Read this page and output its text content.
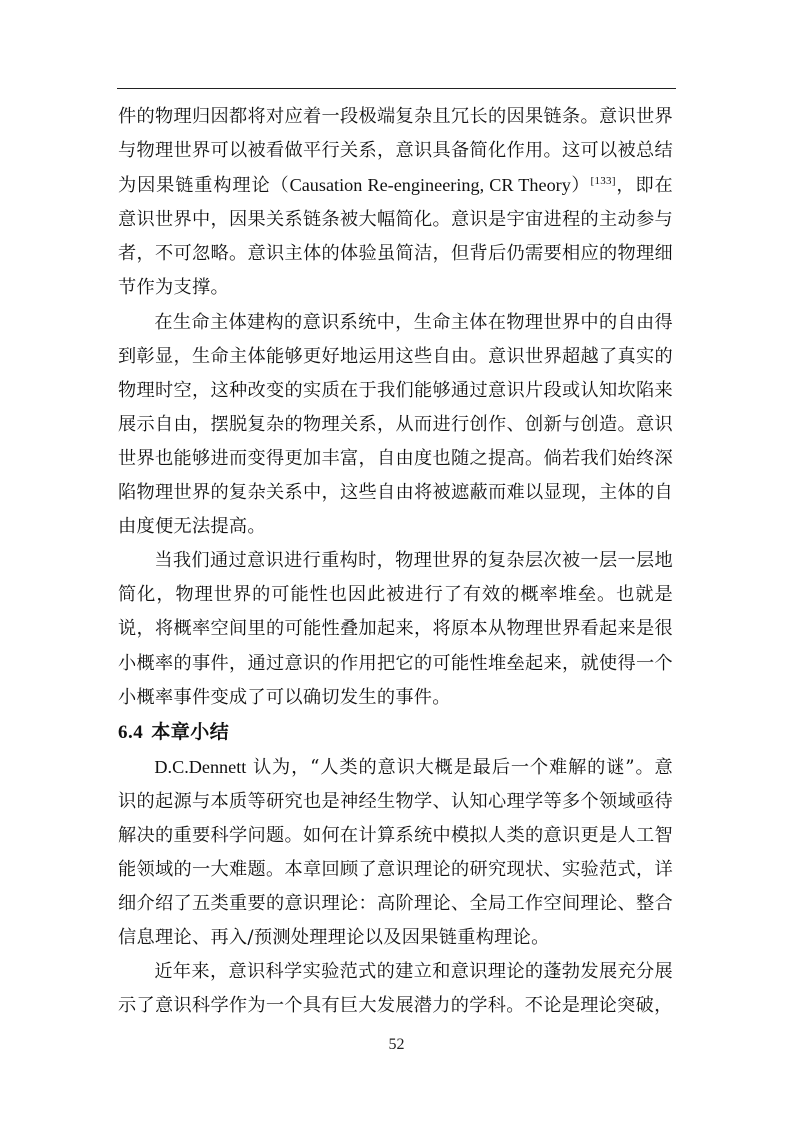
件的物理归因都将对应着一段极端复杂且冗长的因果链条。意识世界与物理世界可以被看做平行关系，意识具备简化作用。这可以被总结为因果链重构理论（Causation Re-engineering, CR Theory）[133]，即在意识世界中，因果关系链条被大幅简化。意识是宇宙进程的主动参与者，不可忽略。意识主体的体验虽简洁，但背后仍需要相应的物理细节作为支撑。

在生命主体建构的意识系统中，生命主体在物理世界中的自由得到彰显，生命主体能够更好地运用这些自由。意识世界超越了真实的物理时空，这种改变的实质在于我们能够通过意识片段或认知坎陷来展示自由，摆脱复杂的物理关系，从而进行创作、创新与创造。意识世界也能够进而变得更加丰富，自由度也随之提高。倘若我们始终深陷物理世界的复杂关系中，这些自由将被遮蔽而难以显现，主体的自由度便无法提高。

当我们通过意识进行重构时，物理世界的复杂层次被一层一层地简化，物理世界的可能性也因此被进行了有效的概率堆垒。也就是说，将概率空间里的可能性叠加起来，将原本从物理世界看起来是很小概率的事件，通过意识的作用把它的可能性堆垒起来，就使得一个小概率事件变成了可以确切发生的事件。

6.4 本章小结

D.C.Dennett 认为，“人类的意识大概是最后一个难解的谜”。意识的起源与本质等研究也是神经生物学、认知心理学等多个领域亟待解决的重要科学问题。如何在计算系统中模拟人类的意识更是人工智能领域的一大难题。本章回顾了意识理论的研究现状、实验范式，详细介绍了五类重要的意识理论：高阶理论、全局工作空间理论、整合信息理论、再入/预测处理理论以及因果链重构理论。

近年来，意识科学实验范式的建立和意识理论的蓬勃发展充分展示了意识科学作为一个具有巨大发展潜力的学科。不论是理论突破，

52
